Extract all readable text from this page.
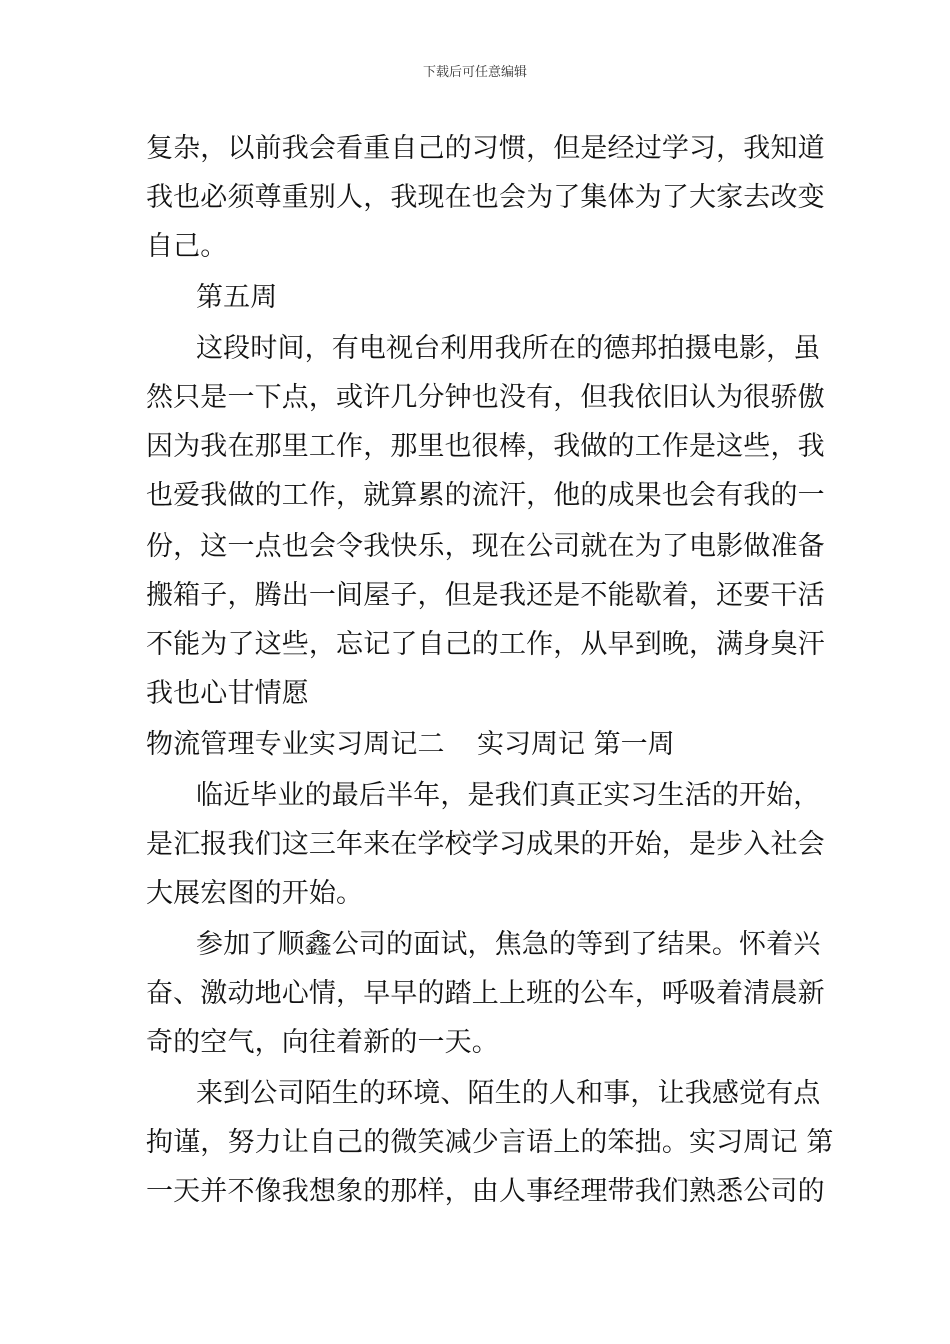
下载后可任意编辑
复杂，以前我会看重自己的习惯，但是经过学习，我知道
我也必须尊重别人，我现在也会为了集体为了大家去改变
自己。
第五周
这段时间，有电视台利用我所在的德邦拍摄电影，虽
然只是一下点，或许几分钟也没有，但我依旧认为很骄傲
因为我在那里工作，那里也很棒，我做的工作是这些，我
也爱我做的工作，就算累的流汗，他的成果也会有我的一
份，这一点也会令我快乐，现在公司就在为了电影做准备
搬箱子，腾出一间屋子，但是我还是不能歇着，还要干活
不能为了这些，忘记了自己的工作，从早到晚，满身臭汗
我也心甘情愿
物流管理专业实习周记二 实习周记 第一周
临近毕业的最后半年，是我们真正实习生活的开始，
是汇报我们这三年来在学校学习成果的开始，是步入社会
大展宏图的开始。
参加了顺鑫公司的面试，焦急的等到了结果。怀着兴
奋、激动地心情，早早的踏上上班的公车，呼吸着清晨新
奇的空气，向往着新的一天。
来到公司陌生的环境、陌生的人和事，让我感觉有点
拘谨，努力让自己的微笑减少言语上的笨拙。实习周记 第
一天并不像我想象的那样，由人事经理带我们熟悉公司的
